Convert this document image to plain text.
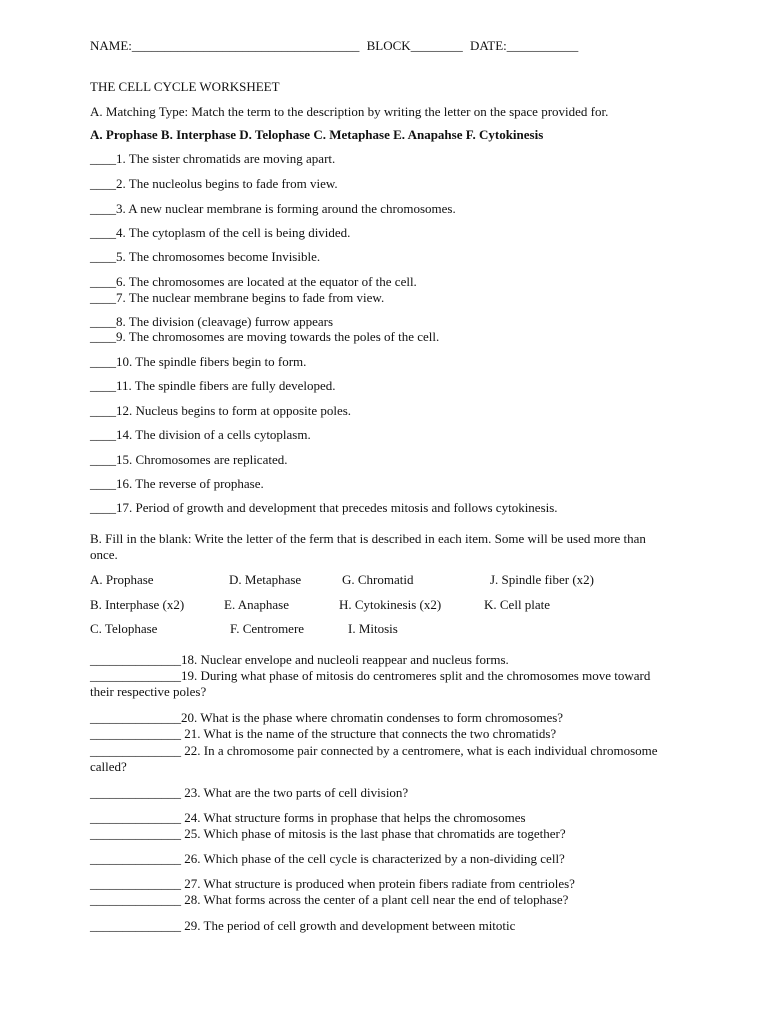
NAME:___________________________________ BLOCK________ DATE:___________
THE CELL CYCLE WORKSHEET
A. Matching Type: Match the term to the description by writing the letter on the space provided for.
A. Prophase B. Interphase D. Telophase C. Metaphase E. Anapahse F. Cytokinesis
____1. The sister chromatids are moving apart.
____2. The nucleolus begins to fade from view.
____3. A new nuclear membrane is forming around the chromosomes.
____4. The cytoplasm of the cell is being divided.
____5. The chromosomes become Invisible.
____6. The chromosomes are located at the equator of the cell.
____7. The nuclear membrane begins to fade from view.
____8. The division (cleavage) furrow appears
____9. The chromosomes are moving towards the poles of the cell.
____10. The spindle fibers begin to form.
____11. The spindle fibers are fully developed.
____12. Nucleus begins to form at opposite poles.
____14. The division of a cells cytoplasm.
____15. Chromosomes are replicated.
____16. The reverse of prophase.
____17. Period of growth and development that precedes mitosis and follows cytokinesis.
B. Fill in the blank: Write the letter of the ferm that is described in each item. Some will be used more than once.
A. Prophase	D. Metaphase	G. Chromatid	J. Spindle fiber (x2)
B. Interphase (x2)	E. Anaphase	H. Cytokinesis (x2)	K. Cell plate
C. Telophase	F. Centromere	I. Mitosis
______________18. Nuclear envelope and nucleoli reappear and nucleus forms.
______________19. During what phase of mitosis do centromeres split and the chromosomes move toward their respective poles?
______________20. What is the phase where chromatin condenses to form chromosomes?
______________ 21. What is the name of the structure that connects the two chromatids?
______________ 22. In a chromosome pair connected by a centromere, what is each individual chromosome called?
______________ 23. What are the two parts of cell division?
______________ 24. What structure forms in prophase that helps the chromosomes
______________ 25. Which phase of mitosis is the last phase that chromatids are together?
______________ 26. Which phase of the cell cycle is characterized by a non-dividing cell?
______________ 27. What structure is produced when protein fibers radiate from centrioles?
______________ 28. What forms across the center of a plant cell near the end of telophase?
______________ 29. The period of cell growth and development between mitotic
